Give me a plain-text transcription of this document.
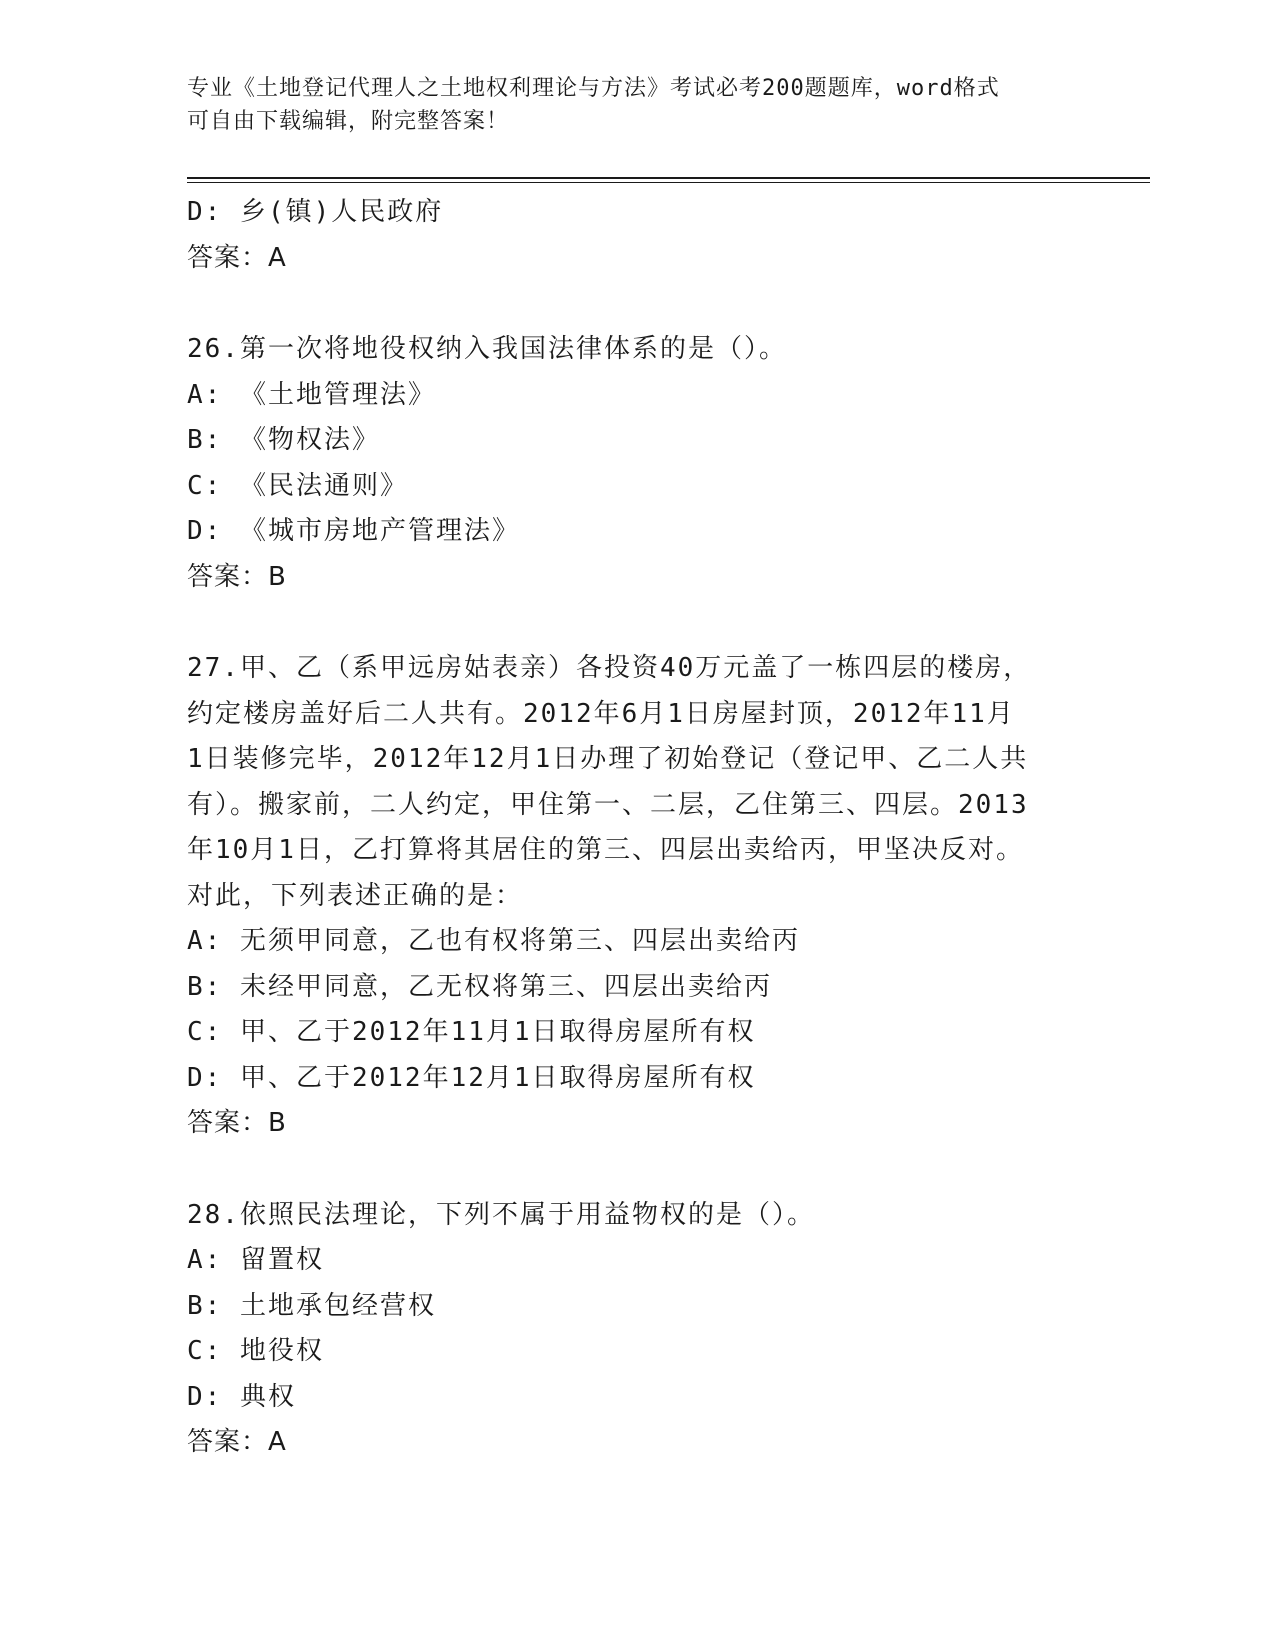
专业《土地登记代理人之土地权利理论与方法》考试必考200题题库，word格式
可自由下载编辑，附完整答案！
D: 乡(镇)人民政府
答案：A
26.第一次将地役权纳入我国法律体系的是（）。
A: 《土地管理法》
B: 《物权法》
C: 《民法通则》
D: 《城市房地产管理法》
答案：B
27.甲、乙（系甲远房姑表亲）各投资40万元盖了一栋四层的楼房，
约定楼房盖好后二人共有。2012年6月1日房屋封顶，2012年11月
1日装修完毕，2012年12月1日办理了初始登记（登记甲、乙二人共
有）。搬家前，二人约定，甲住第一、二层，乙住第三、四层。2013
年10月1日，乙打算将其居住的第三、四层出卖给丙，甲坚决反对。
对此，下列表述正确的是：
A: 无须甲同意，乙也有权将第三、四层出卖给丙
B: 未经甲同意，乙无权将第三、四层出卖给丙
C: 甲、乙于2012年11月1日取得房屋所有权
D: 甲、乙于2012年12月1日取得房屋所有权
答案：B
28.依照民法理论，下列不属于用益物权的是（）。
A: 留置权
B: 土地承包经营权
C: 地役权
D: 典权
答案：A
